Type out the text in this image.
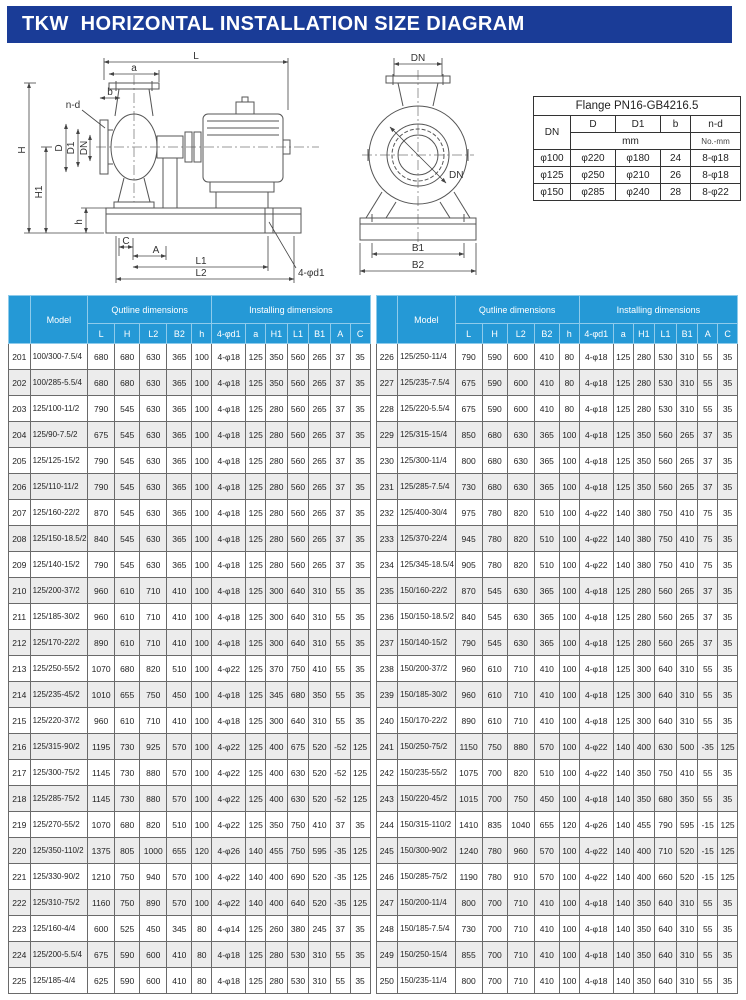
TKW  HORIZONTAL INSTALLATION SIZE DIAGRAM
L
a
b
n-d
H
H1
D D1 DN
h
C
A
L1
L2	4-φd1
DN
DN
B1
B2
Flange PN16-GB4216.5				
DN	D	D1	b	n-d
	mm			No.-mm
φ100	φ220	φ180	24	8-φ18
φ125	φ250	φ210	26	8-φ18
φ150	φ285	φ240	28	8-φ22
	Model	Qutline dimensions					Installing dimensions						
		L	H	L2	B2	h	4-φd1	a	H1	L1	B1	A	C
201	100/300-7.5/4	680	680	630	365	100	4-φ18	125	350	560	265	37	35
202	100/285-5.5/4	680	680	630	365	100	4-φ18	125	350	560	265	37	35
203	125/100-11/2	790	545	630	365	100	4-φ18	125	280	560	265	37	35
204	125/90-7.5/2	675	545	630	365	100	4-φ18	125	280	560	265	37	35
205	125/125-15/2	790	545	630	365	100	4-φ18	125	280	560	265	37	35
206	125/110-11/2	790	545	630	365	100	4-φ18	125	280	560	265	37	35
207	125/160-22/2	870	545	630	365	100	4-φ18	125	280	560	265	37	35
208	125/150-18.5/2	840	545	630	365	100	4-φ18	125	280	560	265	37	35
209	125/140-15/2	790	545	630	365	100	4-φ18	125	280	560	265	37	35
210	125/200-37/2	960	610	710	410	100	4-φ18	125	300	640	310	55	35
211	125/185-30/2	960	610	710	410	100	4-φ18	125	300	640	310	55	35
212	125/170-22/2	890	610	710	410	100	4-φ18	125	300	640	310	55	35
213	125/250-55/2	1070	680	820	510	100	4-φ22	125	370	750	410	55	35
214	125/235-45/2	1010	655	750	450	100	4-φ18	125	345	680	350	55	35
215	125/220-37/2	960	610	710	410	100	4-φ18	125	300	640	310	55	35
216	125/315-90/2	1195	730	925	570	100	4-φ22	125	400	675	520	-52	125
217	125/300-75/2	1145	730	880	570	100	4-φ22	125	400	630	520	-52	125
218	125/285-75/2	1145	730	880	570	100	4-φ22	125	400	630	520	-52	125
219	125/270-55/2	1070	680	820	510	100	4-φ22	125	350	750	410	37	35
220	125/350-110/2	1375	805	1000	655	120	4-φ26	140	455	750	595	-35	125
221	125/330-90/2	1210	750	940	570	100	4-φ22	140	400	690	520	-35	125
222	125/310-75/2	1160	750	890	570	100	4-φ22	140	400	640	520	-35	125
223	125/160-4/4	600	525	450	345	80	4-φ14	125	260	380	245	37	35
224	125/200-5.5/4	675	590	600	410	80	4-φ18	125	280	530	310	55	35
225	125/185-4/4	625	590	600	410	80	4-φ18	125	280	530	310	55	35
	Model	Qutline dimensions					Installing dimensions						
		L	H	L2	B2	h	4-φd1	a	H1	L1	B1	A	C
226	125/250-11/4	790	590	600	410	80	4-φ18	125	280	530	310	55	35
227	125/235-7.5/4	675	590	600	410	80	4-φ18	125	280	530	310	55	35
228	125/220-5.5/4	675	590	600	410	80	4-φ18	125	280	530	310	55	35
229	125/315-15/4	850	680	630	365	100	4-φ18	125	350	560	265	37	35
230	125/300-11/4	800	680	630	365	100	4-φ18	125	350	560	265	37	35
231	125/285-7.5/4	730	680	630	365	100	4-φ18	125	350	560	265	37	35
232	125/400-30/4	975	780	820	510	100	4-φ22	140	380	750	410	75	35
233	125/370-22/4	945	780	820	510	100	4-φ22	140	380	750	410	75	35
234	125/345-18.5/4	905	780	820	510	100	4-φ22	140	380	750	410	75	35
235	150/160-22/2	870	545	630	365	100	4-φ18	125	280	560	265	37	35
236	150/150-18.5/2	840	545	630	365	100	4-φ18	125	280	560	265	37	35
237	150/140-15/2	790	545	630	365	100	4-φ18	125	280	560	265	37	35
238	150/200-37/2	960	610	710	410	100	4-φ18	125	300	640	310	55	35
239	150/185-30/2	960	610	710	410	100	4-φ18	125	300	640	310	55	35
240	150/170-22/2	890	610	710	410	100	4-φ18	125	300	640	310	55	35
241	150/250-75/2	1150	750	880	570	100	4-φ22	140	400	630	500	-35	125
242	150/235-55/2	1075	700	820	510	100	4-φ22	140	350	750	410	55	35
243	150/220-45/2	1015	700	750	450	100	4-φ18	140	350	680	350	55	35
244	150/315-110/2	1410	835	1040	655	120	4-φ26	140	455	790	595	-15	125
245	150/300-90/2	1240	780	960	570	100	4-φ22	140	400	710	520	-15	125
246	150/285-75/2	1190	780	910	570	100	4-φ22	140	400	660	520	-15	125
247	150/200-11/4	800	700	710	410	100	4-φ18	140	350	640	310	55	35
248	150/185-7.5/4	730	700	710	410	100	4-φ18	140	350	640	310	55	35
249	150/250-15/4	855	700	710	410	100	4-φ18	140	350	640	310	55	35
250	150/235-11/4	800	700	710	410	100	4-φ18	140	350	640	310	55	35
